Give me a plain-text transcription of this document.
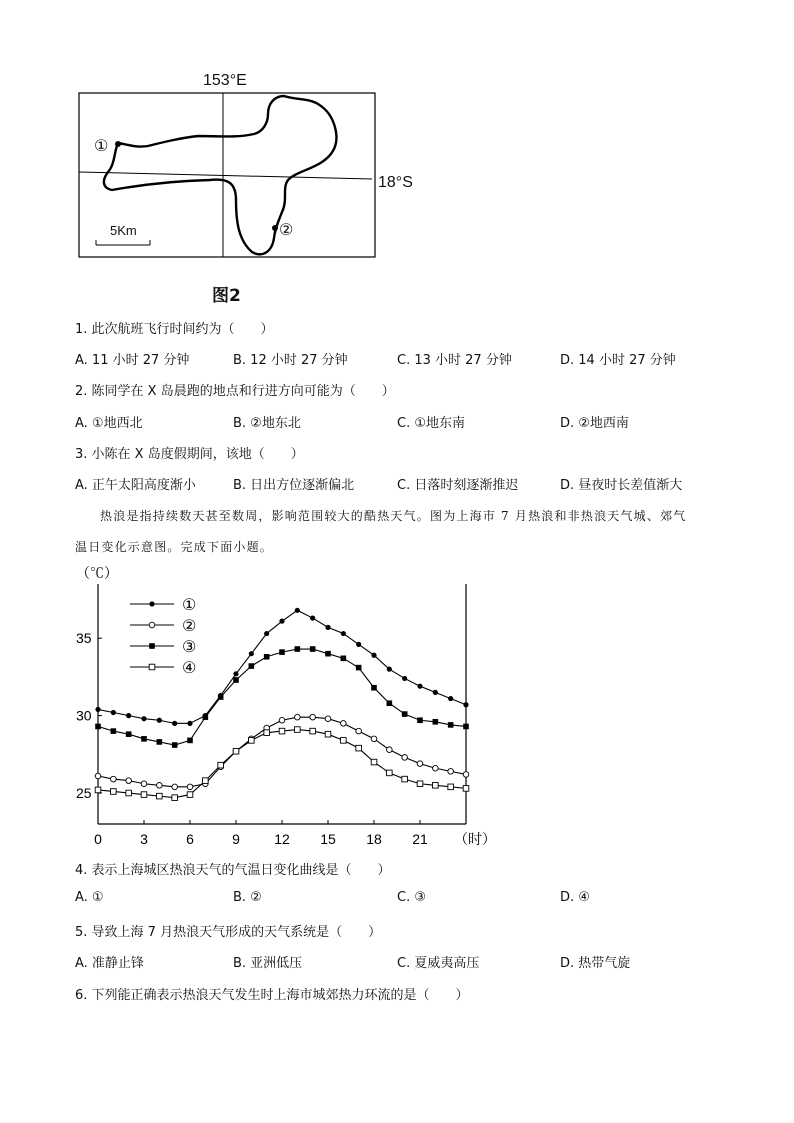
153°E
①
②
18°S
5Km
图2
1. 此次航班飞行时间约为（　　）
A. 11 小时 27 分钟	B. 12 小时 27 分钟	C. 13 小时 27 分钟	D. 14 小时 27 分钟
2. 陈同学在 X 岛晨跑的地点和行进方向可能为（　　）
A. ①地西北	B. ②地东北	C. ①地东南	D. ②地西南
3. 小陈在 X 岛度假期间，该地（　　）
A. 正午太阳高度渐小	B. 日出方位逐渐偏北	C. 日落时刻逐渐推迟	D. 昼夜时长差值渐大
热浪是指持续数天甚至数周，影响范围较大的酷热天气。图为上海市 7 月热浪和非热浪天气城、郊气
温日变化示意图。完成下面小题。
（℃）
25
30
35
0	3	6	9 12 15 18 21 （时）
①
②
③
④
4. 表示上海城区热浪天气的气温日变化曲线是（　　）
A. ①	B. ②	C. ③	D. ④
5. 导致上海 7 月热浪天气形成的天气系统是（　　）
A. 准静止锋	B. 亚洲低压	C. 夏威夷高压	D. 热带气旋
6. 下列能正确表示热浪天气发生时上海市城郊热力环流的是（　　）
